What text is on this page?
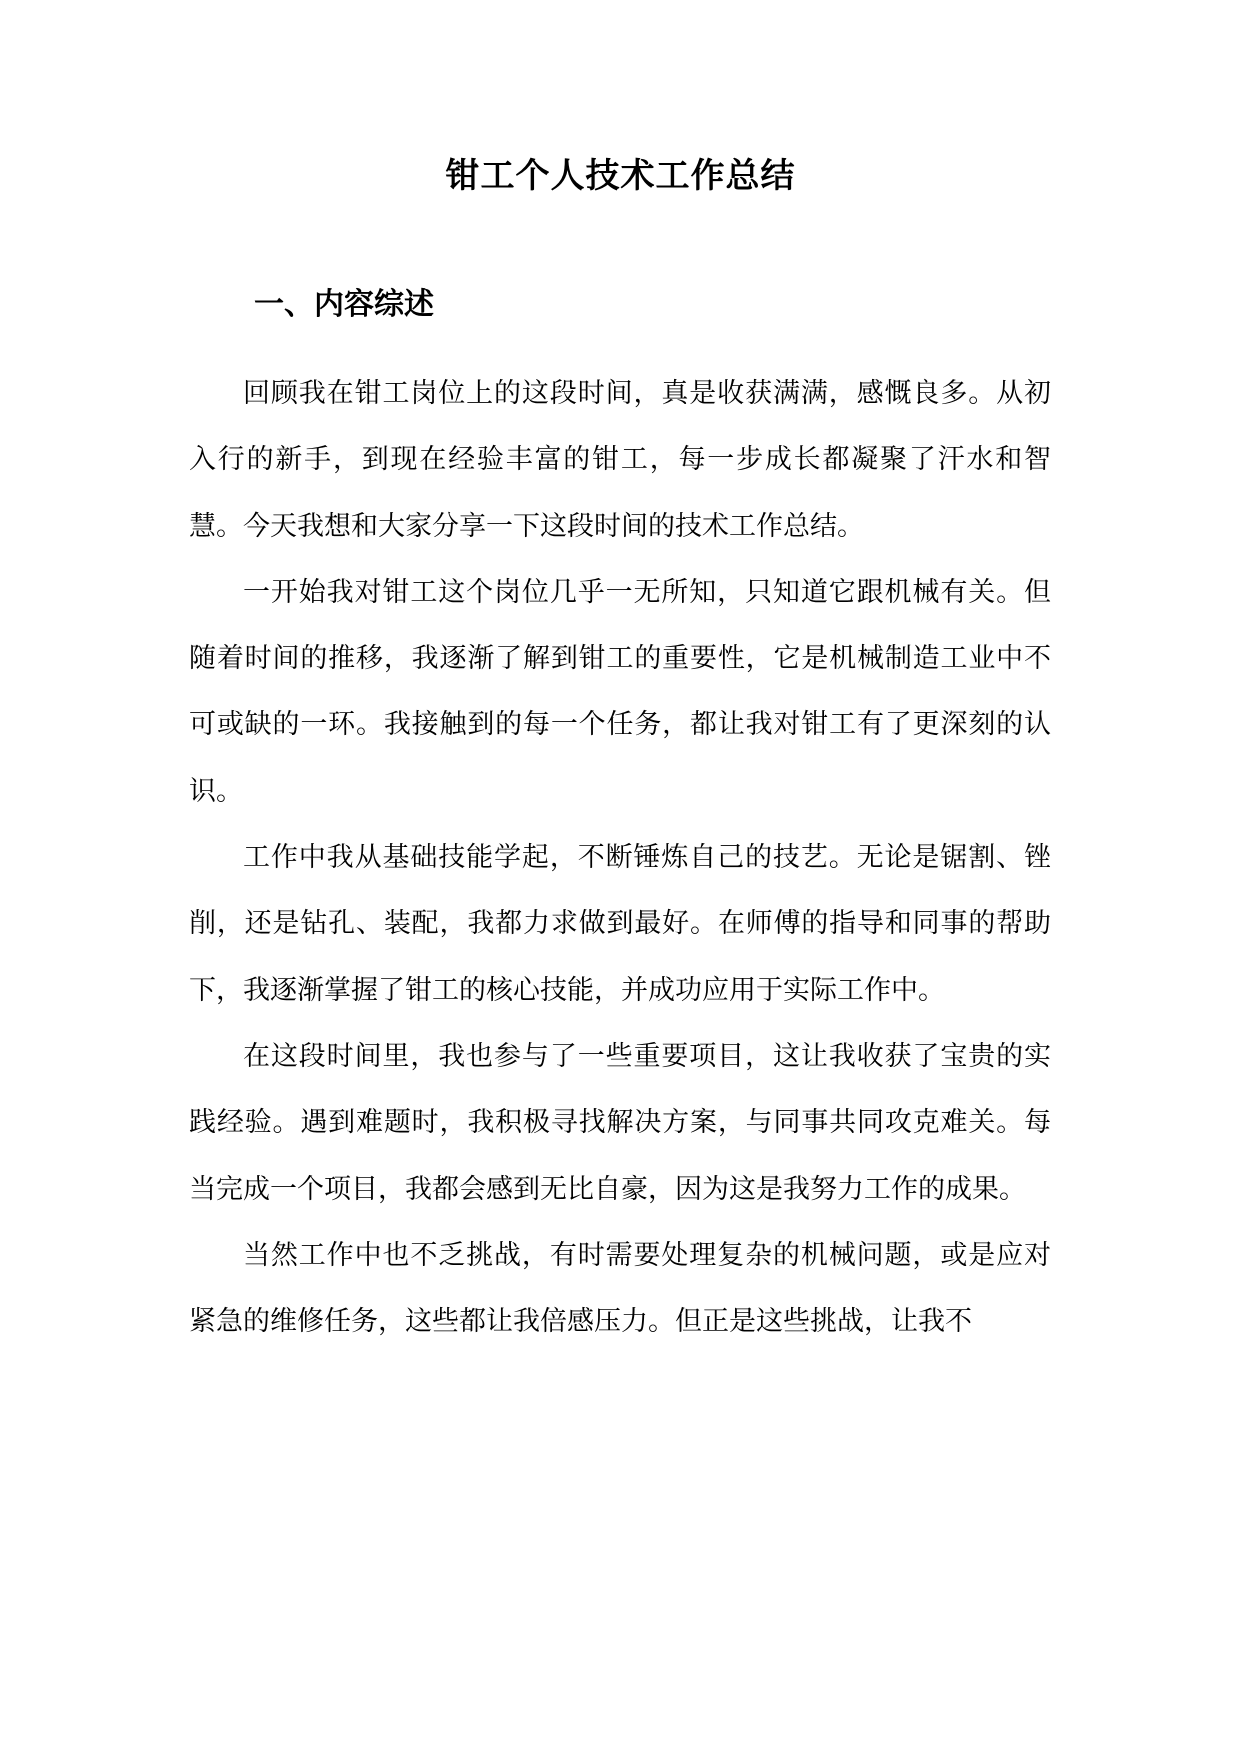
钳工个人技术工作总结
一、内容综述

回顾我在钳工岗位上的这段时间，真是收获满满，感慨良多。从初入行的新手，到现在经验丰富的钳工，每一步成长都凝聚了汗水和智慧。今天我想和大家分享一下这段时间的技术工作总结。

一开始我对钳工这个岗位几乎一无所知，只知道它跟机械有关。但随着时间的推移，我逐渐了解到钳工的重要性，它是机械制造工业中不可或缺的一环。我接触到的每一个任务，都让我对钳工有了更深刻的认识。

工作中我从基础技能学起，不断锤炼自己的技艺。无论是锯割、锉削，还是钻孔、装配，我都力求做到最好。在师傅的指导和同事的帮助下，我逐渐掌握了钳工的核心技能，并成功应用于实际工作中。

在这段时间里，我也参与了一些重要项目，这让我收获了宝贵的实践经验。遇到难题时，我积极寻找解决方案，与同事共同攻克难关。每当完成一个项目，我都会感到无比自豪，因为这是我努力工作的成果。

当然工作中也不乏挑战，有时需要处理复杂的机械问题，或是应对紧急的维修任务，这些都让我倍感压力。但正是这些挑战，让我不
